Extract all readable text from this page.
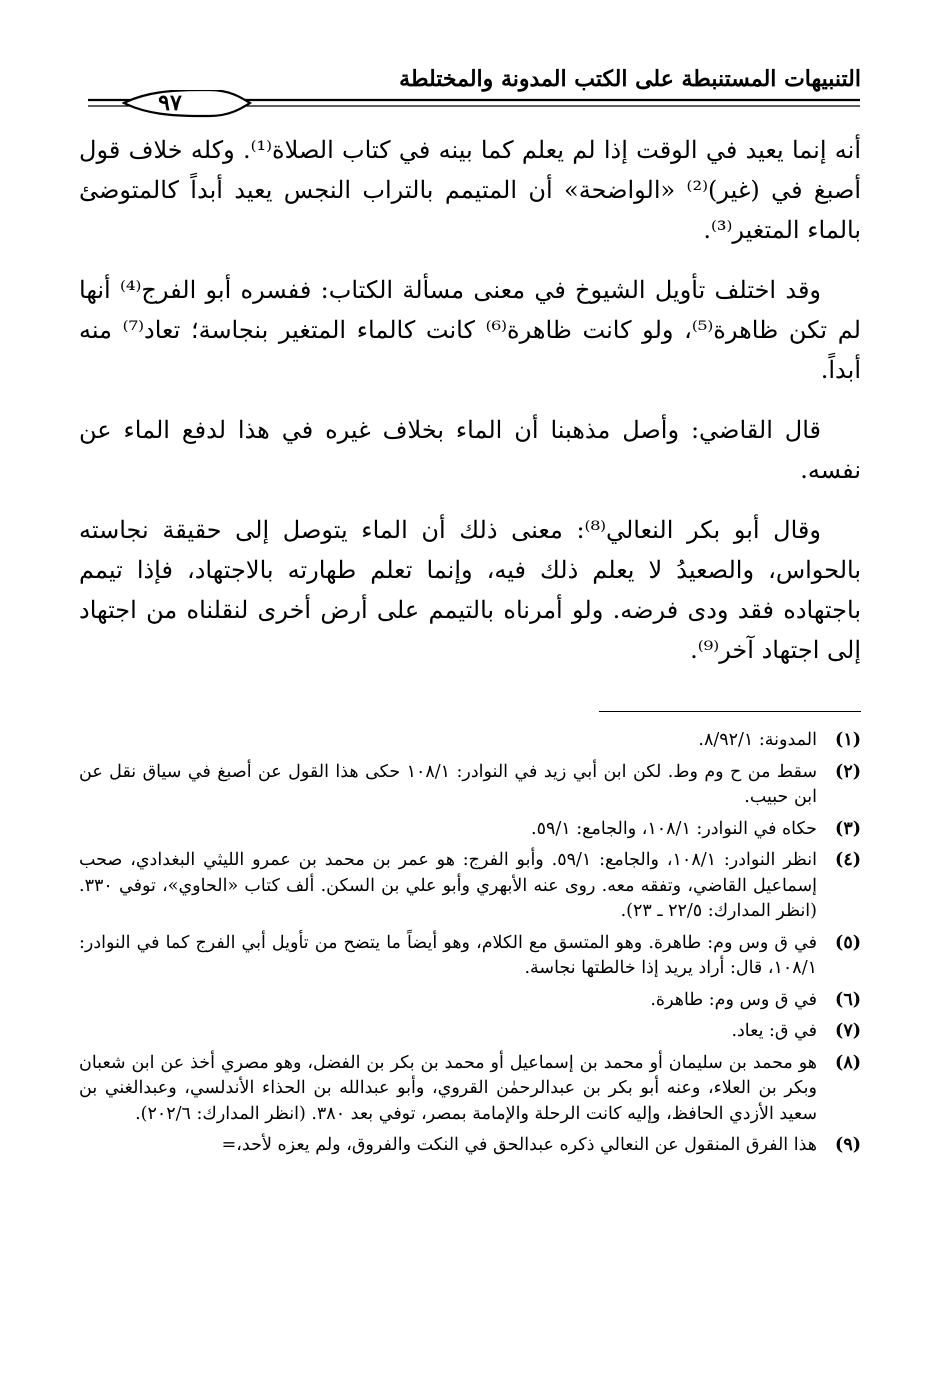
التنبيهات المستنبطة على الكتب المدونة والمختلطة
٩٧

أنه إنما يعيد في الوقت إذا لم يعلم كما بينه في كتاب الصلاة⁽¹⁾. وكله خلاف قول أصبغ في (غير)⁽²⁾ «الواضحة» أن المتيمم بالتراب النجس يعيد أبداً كالمتوضئ بالماء المتغير⁽³⁾.

وقد اختلف تأويل الشيوخ في معنى مسألة الكتاب: ففسره أبو الفرج⁽⁴⁾ أنها لم تكن ظاهرة⁽⁵⁾، ولو كانت ظاهرة⁽⁶⁾ كانت كالماء المتغير بنجاسة؛ تعاد⁽⁷⁾ منه أبداً.

قال القاضي: وأصل مذهبنا أن الماء بخلاف غيره في هذا لدفع الماء عن نفسه.

وقال أبو بكر النعالي⁽⁸⁾: معنى ذلك أن الماء يتوصل إلى حقيقة نجاسته بالحواس، والصعيدُ لا يعلم ذلك فيه، وإنما تعلم طهارته بالاجتهاد، فإذا تيمم باجتهاده فقد ودى فرضه. ولو أمرناه بالتيمم على أرض أخرى لنقلناه من اجتهاد إلى اجتهاد آخر⁽⁹⁾.

(١)
المدونة: ٨/٩٢/١.
(٢)
سقط من ح وم وط. لكن ابن أبي زيد في النوادر: ١٠٨/١ حكى هذا القول عن أصبغ في سياق نقل عن ابن حبيب.
(٣)
حكاه في النوادر: ١٠٨/١، والجامع: ٥٩/١.
(٤)
انظر النوادر: ١٠٨/١، والجامع: ٥٩/١. وأبو الفرج: هو عمر بن محمد بن عمرو الليثي البغدادي، صحب إسماعيل القاضي، وتفقه معه. روى عنه الأبهري وأبو علي بن السكن. ألف كتاب «الحاوي»، توفي ٣٣٠. (انظر المدارك: ٢٢/٥ ـ ٢٣).
(٥)
في ق وس وم: طاهرة. وهو المتسق مع الكلام، وهو أيضاً ما يتضح من تأويل أبي الفرج كما في النوادر: ١٠٨/١، قال: أراد يريد إذا خالطتها نجاسة.
(٦)
في ق وس وم: طاهرة.
(٧)
في ق: يعاد.
(٨)
هو محمد بن سليمان أو محمد بن إسماعيل أو محمد بن بكر بن الفضل، وهو مصري أخذ عن ابن شعبان وبكر بن العلاء، وعنه أبو بكر بن عبدالرحمٰن القروي، وأبو عبدالله بن الحذاء الأندلسي، وعبدالغني بن سعيد الأزدي الحافظ، وإليه كانت الرحلة والإمامة بمصر، توفي بعد ٣٨٠. (انظر المدارك: ٢٠٢/٦).
(٩)
هذا الفرق المنقول عن النعالي ذكره عبدالحق في النكت والفروق، ولم يعزه لأحد،=
